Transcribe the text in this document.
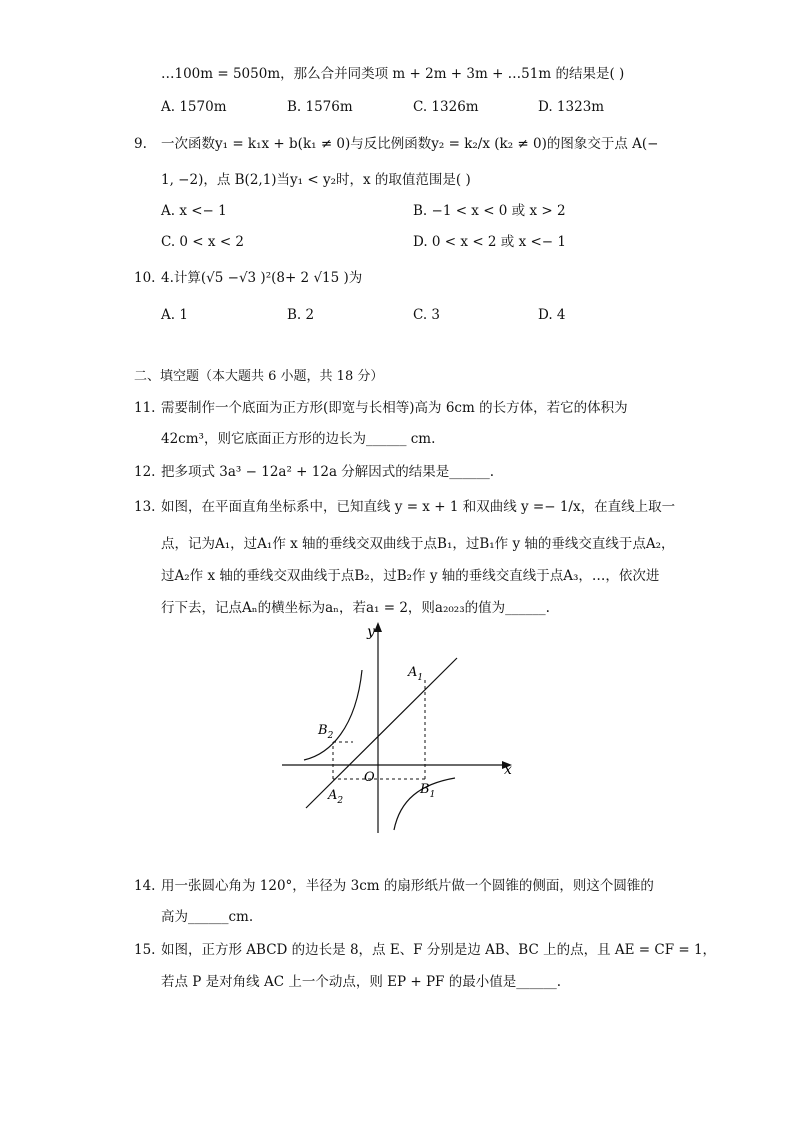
…100m = 5050m，那么合并同类项 m + 2m + 3m + …51m 的结果是( )
A. 1570m	B. 1576m	C. 1326m	D. 1323m
9. 一次函数y₁ = k₁x + b(k₁ ≠ 0)与反比例函数y₂ = k₂/x (k₂ ≠ 0)的图象交于点 A(−
1, −2)，点 B(2,1)当y₁ < y₂时，x 的取值范围是( )
A. x <− 1	B. −1 < x < 0 或 x > 2
C. 0 < x < 2	D. 0 < x < 2 或 x <− 1
10. 4.计算(√5 −√3 )²(8+ 2 √15 )为
A. 1	B. 2	C. 3	D. 4
二、填空题（本大题共 6 小题，共 18 分）
11. 需要制作一个底面为正方形(即宽与长相等)高为 6cm 的长方体，若它的体积为
42cm³，则它底面正方形的边长为______ cm.
12. 把多项式 3a³ − 12a² + 12a 分解因式的结果是______.
13. 如图，在平面直角坐标系中，已知直线 y = x + 1 和双曲线 y =− 1/x，在直线上取一
点，记为A₁，过A₁作 x 轴的垂线交双曲线于点B₁，过B₁作 y 轴的垂线交直线于点A₂，
过A₂作 x 轴的垂线交双曲线于点B₂，过B₂作 y 轴的垂线交直线于点A₃，…，依次进
行下去，记点Aₙ的横坐标为aₙ，若a₁ = 2，则a₂₀₂₃的值为______.
y
x
O
$A_1$
$B_1$
$A_2$
$B_2$
14. 用一张圆心角为 120°，半径为 3cm 的扇形纸片做一个圆锥的侧面，则这个圆锥的
高为______cm.
15. 如图，正方形 ABCD 的边长是 8，点 E、F 分别是边 AB、BC 上的点，且 AE = CF = 1，
若点 P 是对角线 AC 上一个动点，则 EP + PF 的最小值是______.
